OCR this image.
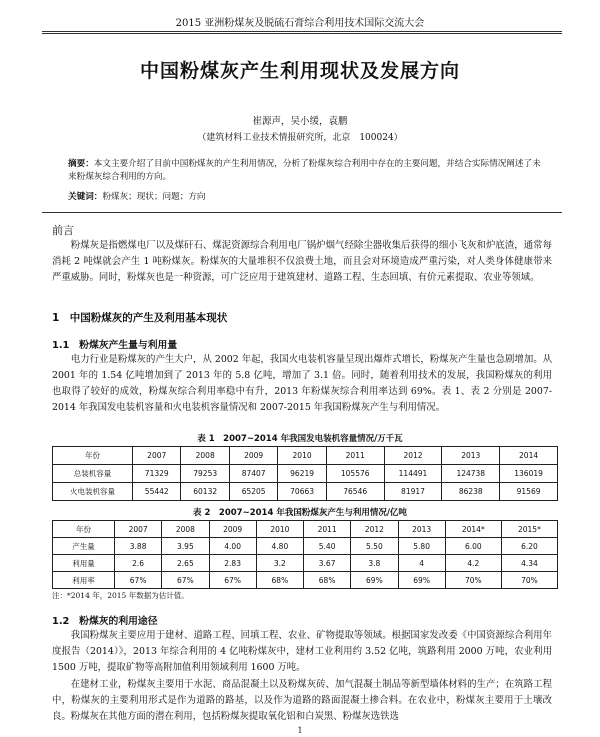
2015 亚洲粉煤灰及脱硫石膏综合利用技术国际交流大会
中国粉煤灰产生利用现状及发展方向
崔源声，吴小缓，袁鹏
（建筑材料工业技术情报研究所，北京　100024）
摘要：本文主要介绍了目前中国粉煤灰的产生利用情况，分析了粉煤灰综合利用中存在的主要问题，并结合实际情况阐述了未来粉煤灰综合利用的方向。
关键词：粉煤灰；现状；问题；方向
前言
粉煤灰是指燃煤电厂以及煤矸石、煤泥资源综合利用电厂锅炉烟气经除尘器收集后获得的细小飞灰和炉底渣，通常每消耗 2 吨煤就会产生 1 吨粉煤灰。粉煤灰的大量堆积不仅浪费土地，而且会对环境造成严重污染，对人类身体健康带来严重威胁。同时，粉煤灰也是一种资源，可广泛应用于建筑建材、道路工程、生态回填、有价元素提取、农业等领域。
1　中国粉煤灰的产生及利用基本现状
1.1　粉煤灰产生量与利用量
电力行业是粉煤灰的产生大户，从 2002 年起，我国火电装机容量呈现出爆炸式增长，粉煤灰产生量也急剧增加。从 2001 年的 1.54 亿吨增加到了 2013 年的 5.8 亿吨，增加了 3.1 倍。同时，随着利用技术的发展，我国粉煤灰的利用也取得了较好的成效，粉煤灰综合利用率稳中有升，2013 年粉煤灰综合利用率达到 69%。表 1、表 2 分别是 2007-2014 年我国发电装机容量和火电装机容量情况和 2007-2015 年我国粉煤灰产生与利用情况。
表 1　2007~2014 年我国发电装机容量情况/万千瓦
年份	2007	2008	2009	2010	2011	2012	2013	2014
总装机容量	71329	79253	87407	96219	105576	114491	124738	136019
火电装机容量	55442	60132	65205	70663	76546	81917	86238	91569
表 2　2007~2014 年我国粉煤灰产生与利用情况/亿吨
年份	2007	2008	2009	2010	2011	2012	2013	2014*	2015*
产生量	3.88	3.95	4.00	4.80	5.40	5.50	5.80	6.00	6.20
利用量	2.6	2.65	2.83	3.2	3.67	3.8	4	4.2	4.34
利用率	67%	67%	67%	68%	68%	69%	69%	70%	70%
注：*2014 年，2015 年数据为估计值。
1.2　粉煤灰的利用途径
我国粉煤灰主要应用于建材、道路工程、回填工程、农业、矿物提取等领域。根据国家发改委《中国资源综合利用年度报告（2014）》，2013 年综合利用的 4 亿吨粉煤灰中，建材工业利用约 3.52 亿吨，筑路利用 2000 万吨，农业利用 1500 万吨，提取矿物等高附加值利用领域利用 1600 万吨。
在建材工业，粉煤灰主要用于水泥、商品混凝土以及粉煤灰砖、加气混凝土制品等新型墙体材料的生产；在筑路工程中，粉煤灰的主要利用形式是作为道路的路基，以及作为道路的路面混凝土掺合料。在农业中，粉煤灰主要用于土壤改良。粉煤灰在其他方面的潜在利用，包括粉煤灰提取氧化铝和白炭黑、粉煤灰选铁选
1
